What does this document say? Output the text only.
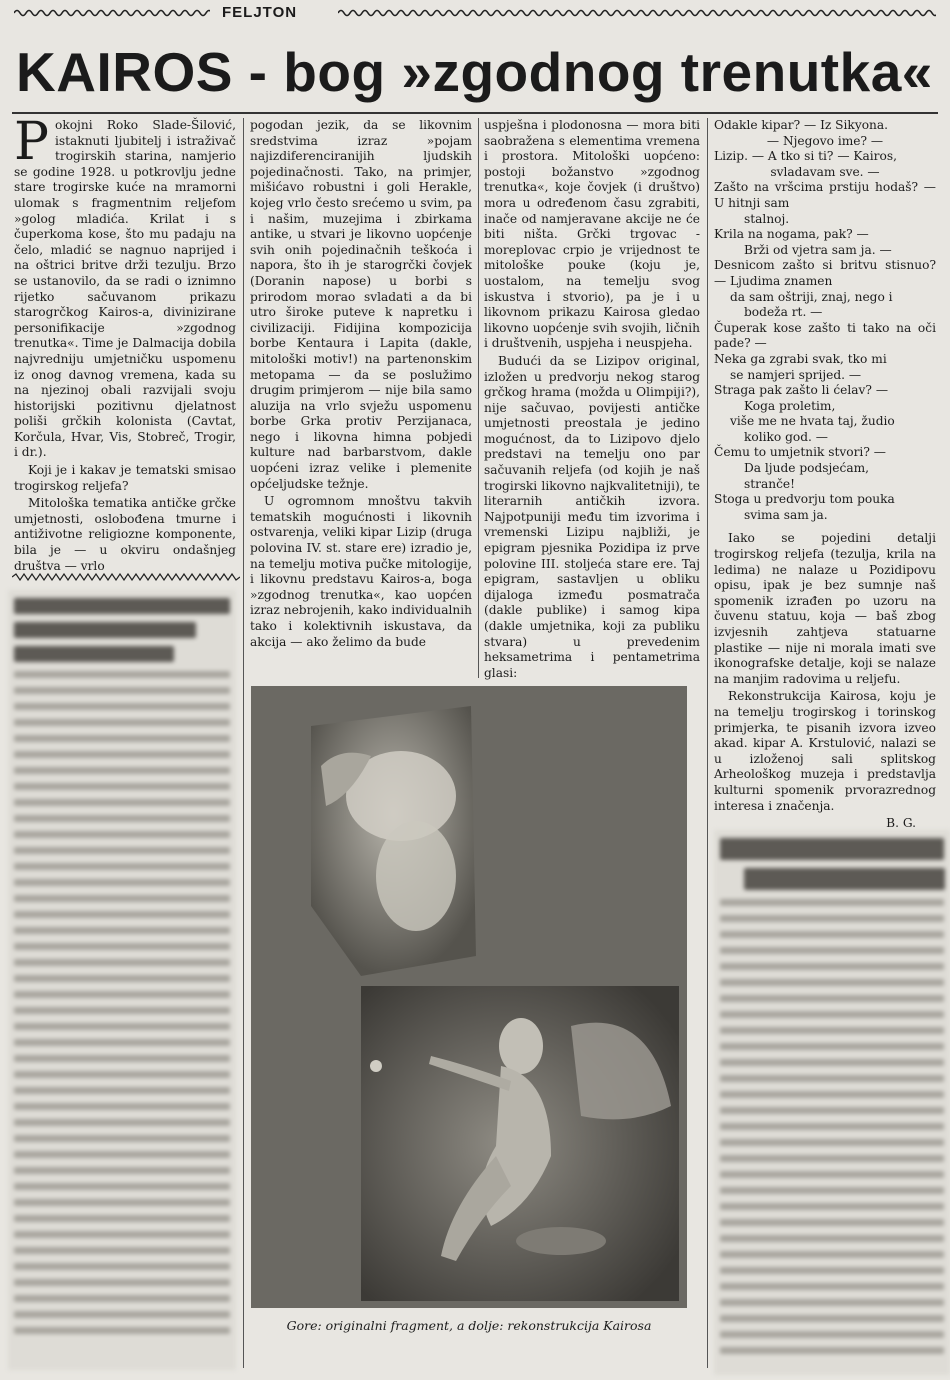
FELJTON
KAIROS - bog »zgodnog trenutka«

Pokojni Roko Slade-Šilović, istaknuti ljubitelj i istraživač trogirskih starina, namjerio se godine 1928. u potkrovlju jedne stare trogirske kuće na mramorni ulomak s fragmentnim reljefom »golog mladića. Krilat i s čuperkoma kose, što mu padaju na čelo, mladić se nagnuo naprijed i na oštrici britve drži tezulju. Brzo se ustanovilo, da se radi o iznimno rijetko sačuvanom prikazu starogrčkog Kairos-a, divinizirane personifikacije »zgodnog trenutka«. Time je Dalmacija dobila najvredniju umjetničku uspomenu iz onog davnog vremena, kada su na njezinoj obali razvijali svoju historijski pozitivnu djelatnost poliši grčkih kolonista (Cavtat, Korčula, Hvar, Vis, Stobreč, Trogir, i dr.).

Koji je i kakav je tematski smisao trogirskog reljefa?

Mitološka tematika antičke grčke umjetnosti, oslobođena tmurne i antiživotne religiozne komponente, bila je — u okviru ondašnjeg društva — vrlo

pogodan jezik, da se likovnim sredstvima izraz »pojam najizdiferenciranijih ljudskih pojedinačnosti. Tako, na primjer, mišićavo robustni i goli Herakle, kojeg vrlo često srećemo u svim, pa i našim, muzejima i zbirkama antike, u stvari je likovno uopćenje svih onih pojedinačnih teškoća i napora, što ih je starogrčki čovjek (Doranin napose) u borbi s prirodom morao svladati a da bi utro široke puteve k napretku i civilizaciji. Fidijina kompozicija borbe Kentaura i Lapita (dakle, mitološki motiv!) na partenonskim metopama — da se poslužimo drugim primjerom — nije bila samo aluzija na vrlo svježu uspomenu borbe Grka protiv Perzijanaca, nego i likovna himna pobjedi kulture nad barbarstvom, dakle uopćeni izraz velike i plemenite općeljudske težnje.

U ogromnom mnoštvu takvih tematskih mogućnosti i likovnih ostvarenja, veliki kipar Lizip (druga polovina IV. st. stare ere) izradio je, na temelju motiva pučke mitologije, i likovnu predstavu Kairos-a, boga »zgodnog trenutka«, kao uopćen izraz nebrojenih, kako individualnih tako i kolektivnih iskustava, da akcija — ako želimo da bude

uspješna i plodonosna — mora biti saobražena s elementima vremena i prostora. Mitološki uopćeno: postoji božanstvo »zgodnog trenutka«, koje čovjek (i društvo) mora u određenom času zgrabiti, inače od namjeravane akcije ne će biti ništa. Grčki trgovac - moreplovac crpio je vrijednost te mitološke pouke (koju je, uostalom, na temelju svog iskustva i stvorio), pa je i u likovnom prikazu Kairosa gledao likovno uopćenje svih svojih, ličnih i društvenih, uspjeha i neuspjeha.

Budući da se Lizipov original, izložen u predvorju nekog starog grčkog hrama (možda u Olimpiji?), nije sačuvao, povijesti antičke umjetnosti preostala je jedino mogućnost, da to Lizipovo djelo predstavi na temelju ono par sačuvanih reljefa (od kojih je naš trogirski likovno najkvalitetniji), te literarnih antičkih izvora. Najpotpuniji među tim izvorima i vremenski Lizipu najbliži, je epigram pjesnika Pozidipa iz prve polovine III. stoljeća stare ere. Taj epigram, sastavljen u obliku dijaloga između posmatrača (dakle publike) i samog kipa (dakle umjetnika, koji za publiku stvara) u prevedenim heksametrima i pentametrima glasi:

Odakle kipar? — Iz Sikyona.

— Njegovo ime? —

Lizip. — A tko si ti? — Kairos,

svladavam sve. —

Zašto na vršcima prstiju hodaš? — U hitnji sam

stalnoj.

Krila na nogama, pak? —

Brži od vjetra sam ja. —

Desnicom zašto si britvu stisnuo? — Ljudima znamen

da sam oštriji, znaj, nego i

bodeža rt. —

Čuperak kose zašto ti tako na oči pade? —

Neka ga zgrabi svak, tko mi

se namjeri sprijed. —

Straga pak zašto li ćelav? —

Koga proletim,

više me ne hvata taj, žudio

koliko god. —

Čemu to umjetnik stvori? —

Da ljude podsjećam,

stranče!

Stoga u predvorju tom pouka

svima sam ja.

Iako se pojedini detalji trogirskog reljefa (tezulja, krila na ledima) ne nalaze u Pozidipovu opisu, ipak je bez sumnje naš spomenik izrađen po uzoru na čuvenu statuu, koja — baš zbog izvjesnih zahtjeva statuarne plastike — nije ni morala imati sve ikonografske detalje, koji se nalaze na manjim radovima u reljefu.

Rekonstrukcija Kairosa, koju je na temelju trogirskog i torinskog primjerka, te pisanih izvora izveo akad. kipar A. Krstulović, nalazi se u izloženoj sali splitskog Arheološkog muzeja i predstavlja kulturni spomenik prvorazrednog interesa i značenja.

B. G.
Gore: originalni fragment, a dolje: rekonstrukcija Kairosa
